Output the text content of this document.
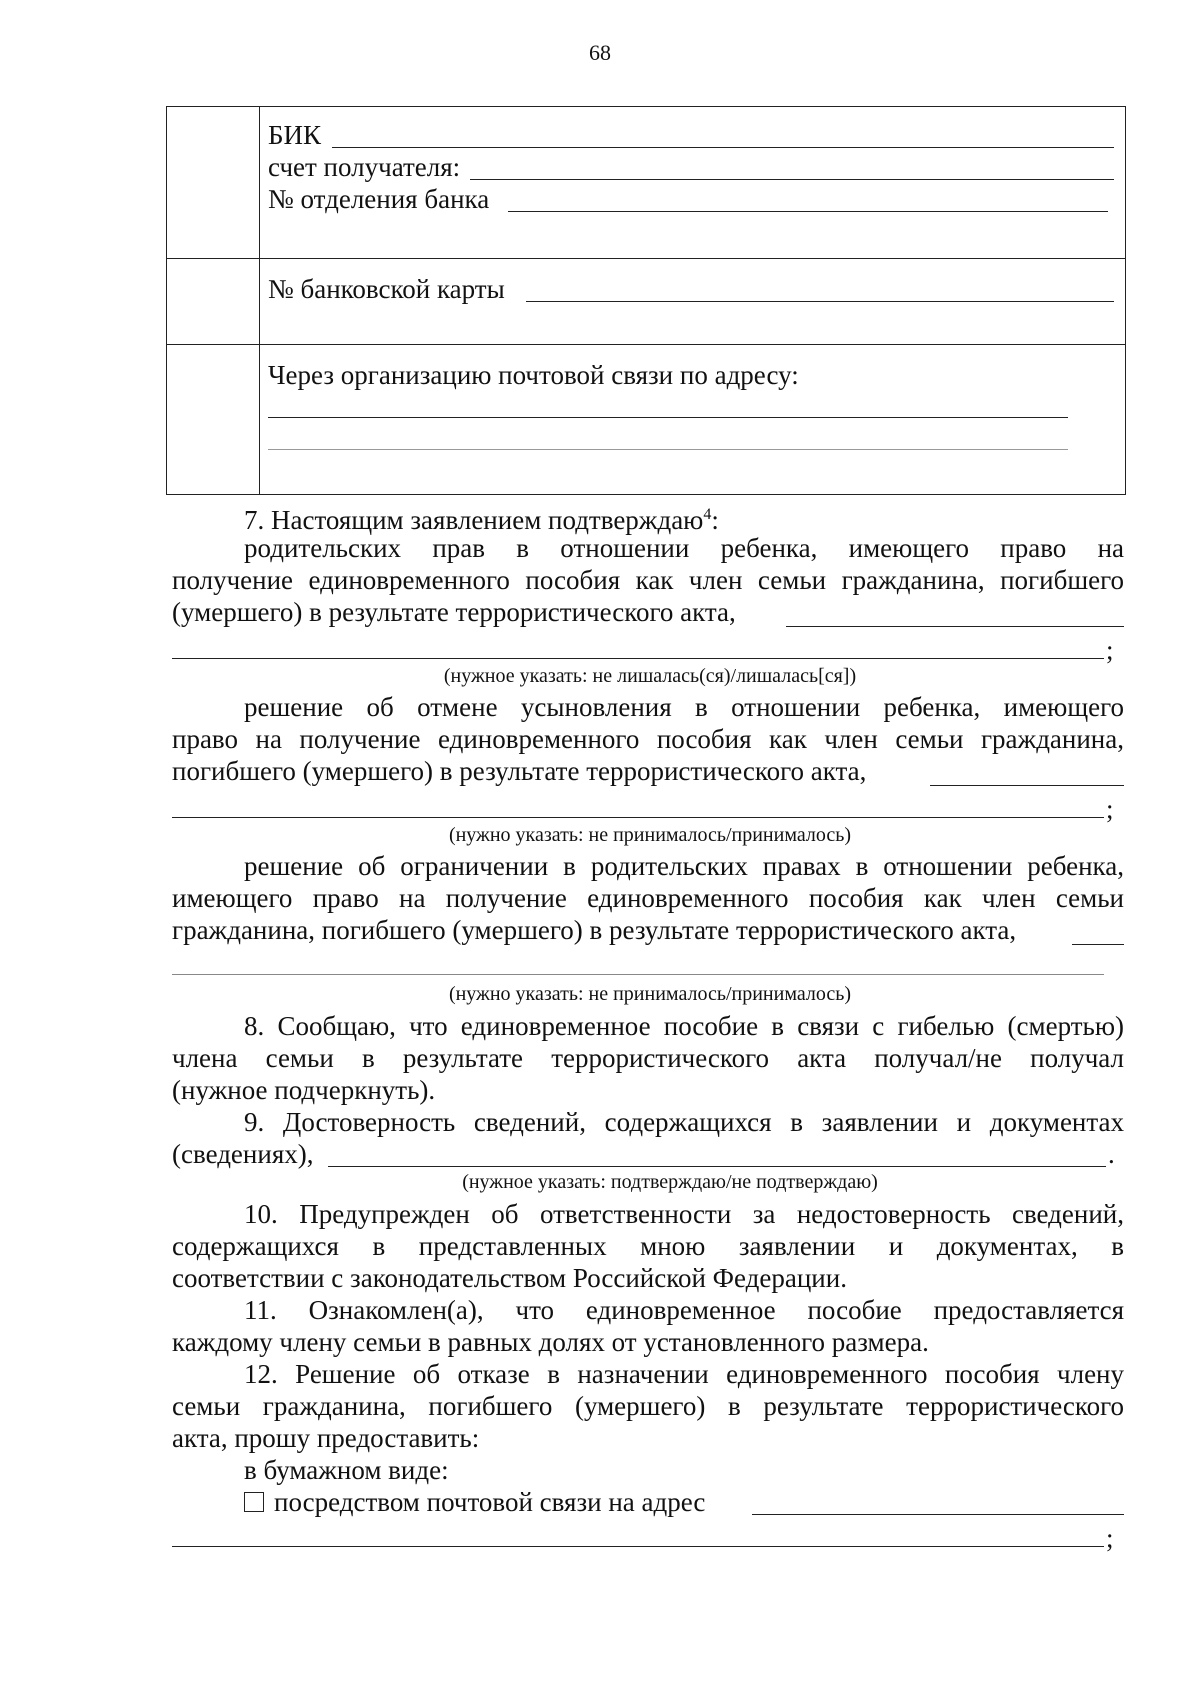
68

	БИК
счет получателя:
№ отделения банка

	№ банковской карты

	Через организацию почтовой связи по адресу:
7. Настоящим заявлением подтверждаю$^4$:
родительских прав в отношении ребенка, имеющего право на
получение единовременного пособия как член семьи гражданина, погибшего
(умершего) в результате террористического акта,
;
(нужное указать: не лишалась(ся)/лишалась[ся])
решение об отмене усыновления в отношении ребенка, имеющего
право на получение единовременного пособия как член семьи гражданина,
погибшего (умершего) в результате террористического акта,
;
(нужно указать: не принималось/принималось)
решение об ограничении в родительских правах в отношении ребенка,
имеющего право на получение единовременного пособия как член семьи
гражданина, погибшего (умершего) в результате террористического акта,
(нужно указать: не принималось/принималось)
8. Сообщаю, что единовременное пособие в связи с гибелью (смертью)
члена семьи в результате террористического акта получал/не получал
(нужное подчеркнуть).
9. Достоверность сведений, содержащихся в заявлении и документах
(сведениях),	.
(нужное указать: подтверждаю/не подтверждаю)
10. Предупрежден об ответственности за недостоверность сведений,
содержащихся в представленных мною заявлении и документах, в
соответствии с законодательством Российской Федерации.
11. Ознакомлен(а), что единовременное пособие предоставляется
каждому члену семьи в равных долях от установленного размера.
12. Решение об отказе в назначении единовременного пособия члену
семьи гражданина, погибшего (умершего) в результате террористического
акта, прошу предоставить:
в бумажном виде:
посредством почтовой связи на адрес
;
